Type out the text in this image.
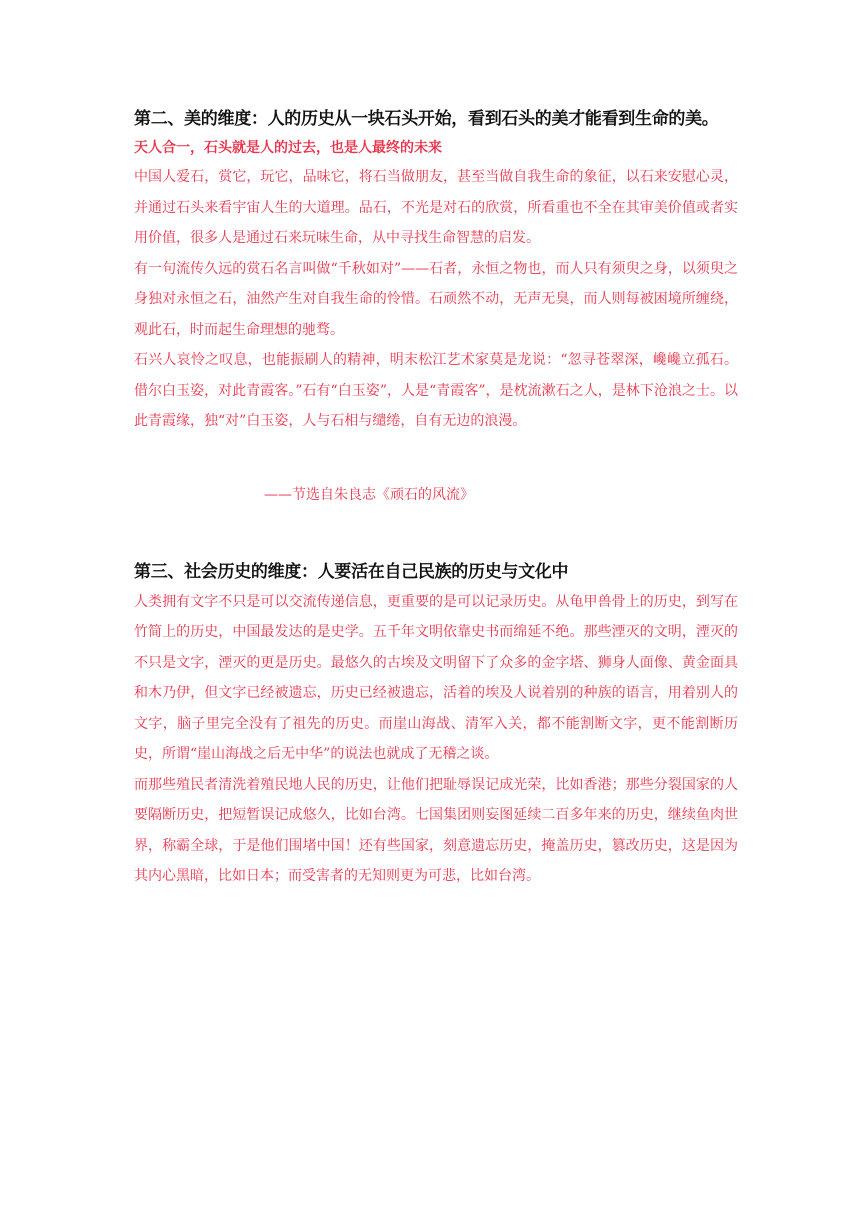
第二、美的维度：人的历史从一块石头开始，看到石头的美才能看到生命的美。
天人合一，石头就是人的过去，也是人最终的未来

中国人爱石，赏它，玩它，品味它，将石当做朋友，甚至当做自我生命的象征，以石来安慰心灵，并通过石头来看宇宙人生的大道理。品石，不光是对石的欣赏，所看重也不全在其审美价值或者实用价值，很多人是通过石来玩味生命，从中寻找生命智慧的启发。

有一句流传久远的赏石名言叫做“千秋如对”——石者，永恒之物也，而人只有须臾之身，以须臾之身独对永恒之石，油然产生对自我生命的怜惜。石顽然不动，无声无臭，而人则每被困境所缠绕，观此石，时而起生命理想的驰骛。

石兴人哀怜之叹息，也能振刷人的精神，明末松江艺术家莫是龙说：“忽寻苍翠深，巉巉立孤石。借尔白玉姿，对此青霞客。”石有“白玉姿”，人是“青霞客”，是枕流漱石之人，是林下沧浪之士。以此青霞缘，独“对”白玉姿，人与石相与缱绻，自有无边的浪漫。

——节选自朱良志《顽石的风流》

第三、社会历史的维度：人要活在自己民族的历史与文化中

人类拥有文字不只是可以交流传递信息，更重要的是可以记录历史。从龟甲兽骨上的历史，到写在竹简上的历史，中国最发达的是史学。五千年文明依靠史书而绵延不绝。那些湮灭的文明，湮灭的不只是文字，湮灭的更是历史。最悠久的古埃及文明留下了众多的金字塔、狮身人面像、黄金面具和木乃伊，但文字已经被遗忘，历史已经被遗忘，活着的埃及人说着别的种族的语言，用着别人的文字，脑子里完全没有了祖先的历史。而崖山海战、清军入关，都不能割断文字，更不能割断历史，所谓“崖山海战之后无中华”的说法也就成了无稽之谈。

而那些殖民者清洗着殖民地人民的历史，让他们把耻辱误记成光荣，比如香港；那些分裂国家的人要隔断历史，把短暂误记成悠久，比如台湾。七国集团则妄图延续二百多年来的历史，继续鱼肉世界，称霸全球，于是他们围堵中国！还有些国家，刻意遗忘历史，掩盖历史，篡改历史，这是因为其内心黑暗，比如日本；而受害者的无知则更为可悲，比如台湾。
